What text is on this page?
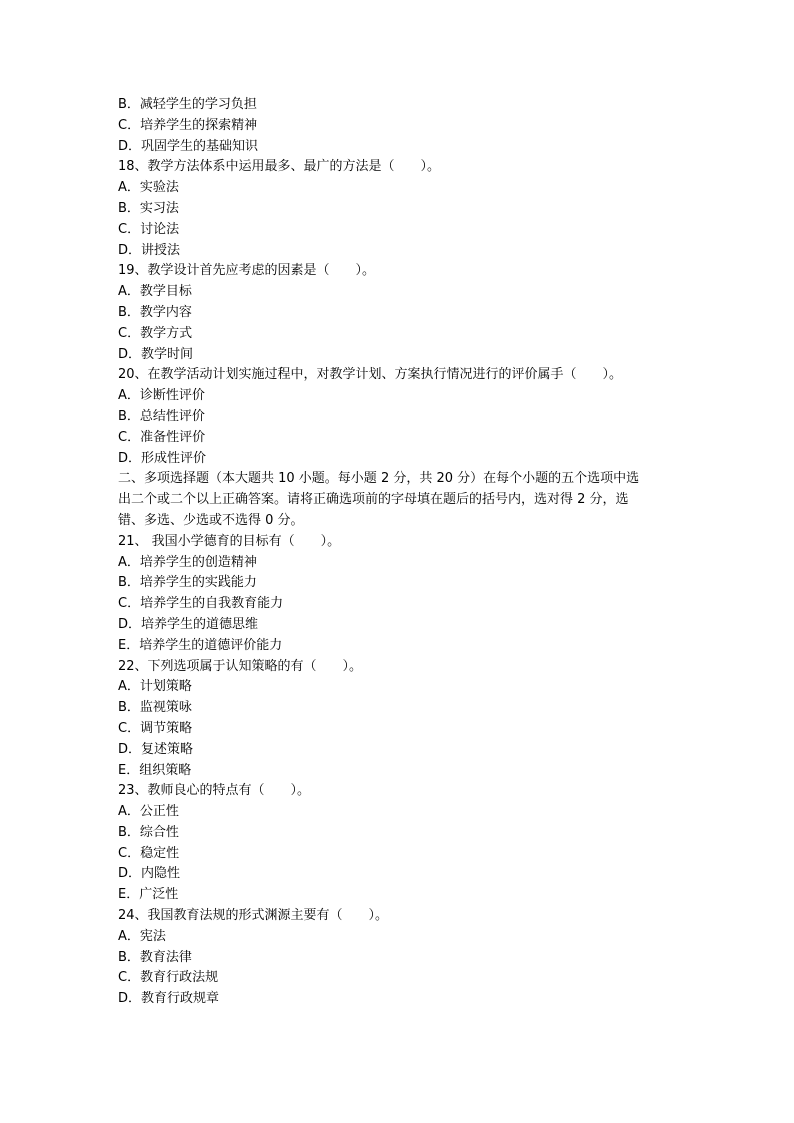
B．减轻学生的学习负担
C．培养学生的探索精神
D．巩固学生的基础知识
18、教学方法体系中运用最多、最广的方法是（　　）。
A．实验法
B．实习法
C．讨论法
D．讲授法
19、教学设计首先应考虑的因素是（　　）。
A．教学目标
B．教学内容
C．教学方式
D．教学时间
20、在教学活动计划实施过程中，对教学计划、方案执行情况进行的评价属手（　　）。
A．诊断性评价
B．总结性评价
C．准备性评价
D．形成性评价
二、多项选择题（本大题共 10 小题。每小题 2 分，共 20 分）在每个小题的五个选项中选
出二个或二个以上正确答案。请将正确选项前的字母填在题后的括号内，选对得 2 分，选
错、多选、少选或不选得 0 分。
21、 我国小学德育的目标有（　　）。
A．培养学生的创造精神
B．培养学生的实践能力
C．培养学生的自我教育能力
D．培养学生的道德思维
E．培养学生的道德评价能力
22、下列选项属于认知策略的有（　　）。
A．计划策略
B．监视策咏
C．调节策略
D．复述策略
E．组织策略
23、教师良心的特点有（　　）。
A．公正性
B．综合性
C．稳定性
D．内隐性
E．广泛性
24、我国教育法规的形式渊源主要有（　　）。
A．宪法
B．教育法律
C．教育行政法规
D．教育行政规章
